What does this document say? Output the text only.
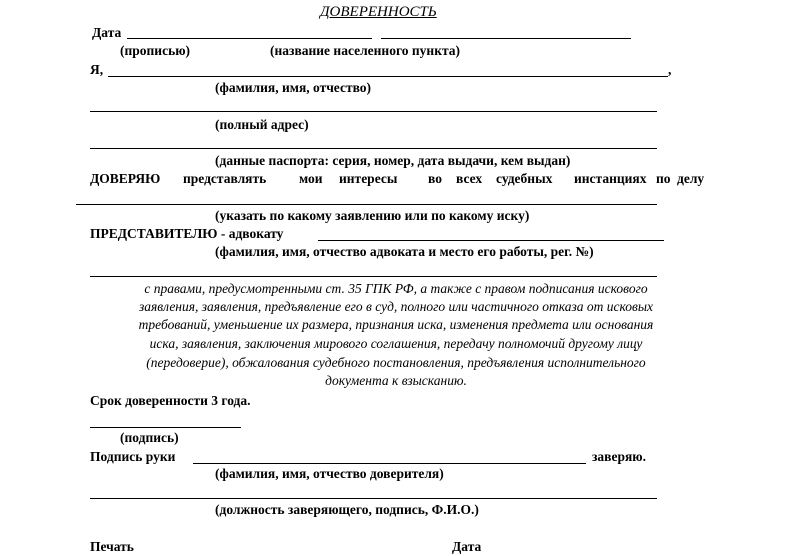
ДОВЕРЕННОСТЬ
Дата
(прописью)	(название населенного пункта)
Я,	,
(фамилия, имя, отчество)
(полный адрес)
(данные паспорта: серия, номер, дата выдачи, кем выдан)
ДОВЕРЯЮ представлять мои интересы во всех судебных инстанциях по делу
(указать по какому заявлению или по какому иску)
ПРЕДСТАВИТЕЛЮ - адвокату
(фамилия, имя, отчество адвоката и место его работы, рег. №)
с правами, предусмотренными ст. 35 ГПК РФ, а также с правом подписания искового
заявления, заявления, предъявление его в суд, полного или частичного отказа от исковых
требований, уменьшение их размера, признания иска, изменения предмета или основания
иска, заявления, заключения мирового соглашения, передачу полномочий другому лицу
(передоверие), обжалования судебного постановления, предъявления исполнительного
документа к взысканию.
Срок доверенности 3 года.
(подпись)
Подпись руки	заверяю.
(фамилия, имя, отчество доверителя)
(должность заверяющего, подпись, Ф.И.О.)
Печать	Дата
